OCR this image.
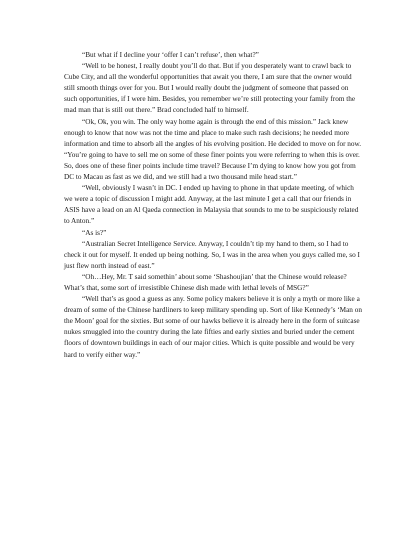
“But what if I decline your ‘offer I can’t refuse’, then what?”

“Well to be honest, I really doubt you’ll do that. But if you desperately want to crawl back to Cube City, and all the wonderful opportunities that await you there, I am sure that the owner would still smooth things over for you. But I would really doubt the judgment of someone that passed on such opportunities, if I were him. Besides, you remember we’re still protecting your family from the mad man that is still out there.” Brad concluded half to himself.

“Ok, Ok, you win. The only way home again is through the end of this mission.” Jack knew enough to know that now was not the time and place to make such rash decisions; he needed more information and time to absorb all the angles of his evolving position. He decided to move on for now. “You’re going to have to sell me on some of these finer points you were referring to when this is over. So, does one of these finer points include time travel? Because I’m dying to know how you got from DC to Macau as fast as we did, and we still had a two thousand mile head start.”

“Well, obviously I wasn’t in DC. I ended up having to phone in that update meeting, of which we were a topic of discussion I might add. Anyway, at the last minute I get a call that our friends in ASIS have a lead on an Al Qaeda connection in Malaysia that sounds to me to be suspiciously related to Anton.”

“As is?”

“Australian Secret Intelligence Service. Anyway, I couldn’t tip my hand to them, so I had to check it out for myself. It ended up being nothing. So, I was in the area when you guys called me, so I just flew north instead of east.”

“Oh…Hey, Mr. T said somethin’ about some ‘Shashoujian’ that the Chinese would release? What’s that, some sort of irresistible Chinese dish made with lethal levels of MSG?”

“Well that’s as good a guess as any. Some policy makers believe it is only a myth or more like a dream of some of the Chinese hardliners to keep military spending up. Sort of like Kennedy’s ‘Man on the Moon’ goal for the sixties. But some of our hawks believe it is already here in the form of suitcase nukes smuggled into the country during the late fifties and early sixties and buried under the cement floors of downtown buildings in each of our major cities. Which is quite possible and would be very hard to verify either way.”
